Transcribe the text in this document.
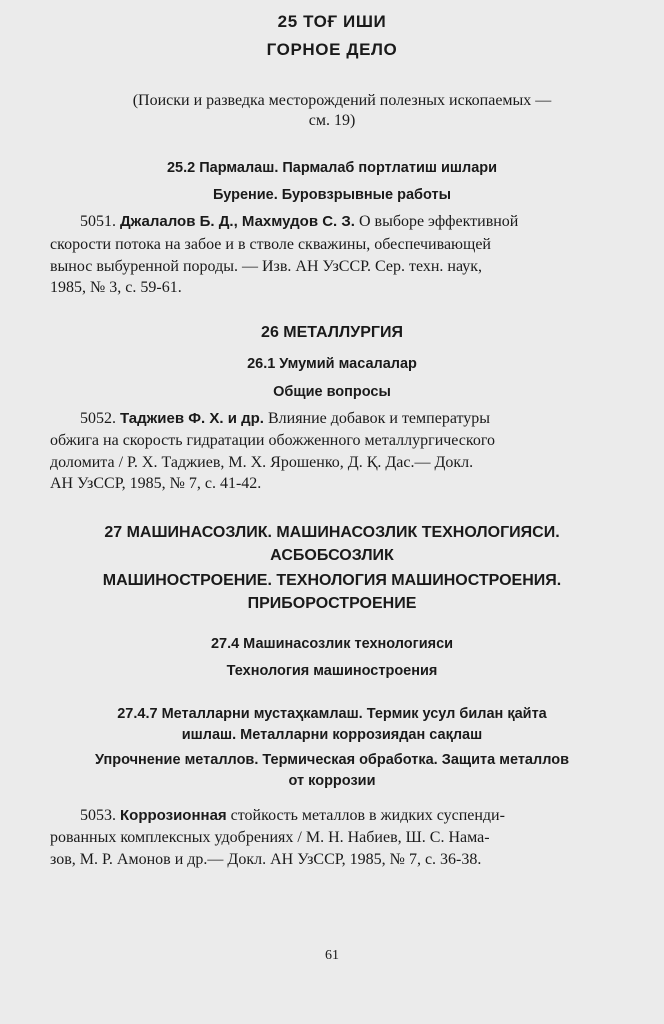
25 ТОҒ ИШИ
ГОРНОЕ ДЕЛО
(Поиски и разведка месторождений полезных ископаемых —
см. 19)
25.2 Пармалаш. Пармалаб портлатиш ишлари
Бурение. Буровзрывные работы
5051. Джалалов Б. Д., Махмудов С. З. О выборе эффективной
скорости потока на забое и в стволе скважины, обеспечивающей
вынос выбуренной породы. — Изв. АН УзССР. Сер. техн. наук,
1985, № 3, с. 59-61.
26 МЕТАЛЛУРГИЯ
26.1 Умумий масалалар
Общие вопросы
5052. Таджиев Ф. Х. и др. Влияние добавок и температуры
обжига на скорость гидратации обожженного металлургического
доломита / Р. Х. Таджиев, М. Х. Ярошенко, Д. Қ. Дас.— Докл.
АН УзССР, 1985, № 7, с. 41-42.
27 МАШИНАСОЗЛИК. МАШИНАСОЗЛИК ТЕХНОЛОГИЯСИ.
АСБОБСОЗЛИК
МАШИНОСТРОЕНИЕ. ТЕХНОЛОГИЯ МАШИНОСТРОЕНИЯ.
ПРИБОРОСТРОЕНИЕ
27.4 Машинасозлик технологияси
Технология машиностроения
27.4.7 Металларни мустаҳкамлаш. Термик усул билан қайта
ишлаш. Металларни коррозиядан сақлаш
Упрочнение металлов. Термическая обработка. Защита металлов
от коррозии
5053. Коррозионная стойкость металлов в жидких суспенди-
рованных комплексных удобрениях / М. Н. Набиев, Ш. С. Нама-
зов, М. Р. Амонов и др.— Докл. АН УзССР, 1985, № 7, с. 36-38.
61
